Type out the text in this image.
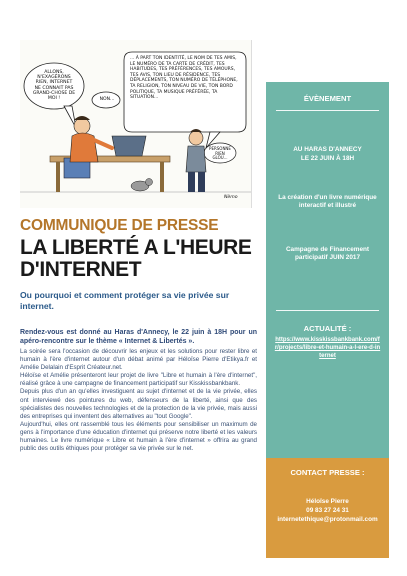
ALLONS, N'EXAGÉRONS RIEN, INTERNET NE CONNAIT PAS GRAND-CHOSE DE MOI !	NON...
... À PART TON IDENTITÉ, LE NOM DE TES AMIS, LE NUMÉRO DE TA CARTE DE CRÉDIT, TES HABITUDES, TES PRÉFÉRENCES, TES AMOURS, TES AVIS, TON LIEU DE RÉSIDENCE, TES DÉPLACEMENTS, TON NUMÉRO DE TÉLÉPHONE, TA RELIGION, TON NIVEAU DE VIE, TON BORD POLITIQUE, TA MUSIQUE PRÉFÉRÉE, TA SITUATION...
PERSONNE RIEN GLOU...
Nèmo
COMMUNIQUE DE PRESSE
LA LIBERTÉ A L'HEURE D'INTERNET
Ou pourquoi et comment protéger sa vie privée sur internet.
Rendez-vous est donné au Haras d'Annecy, le 22 juin à 18H pour un apéro-rencontre sur le thème « Internet & Libertés ».

La soirée sera l'occasion de découvrir les enjeux et les solutions pour rester libre et humain à l'ère d'internet autour d'un débat animé par Héloïse Pierre d'Etikya.fr et Amélie Delalain d'Esprit Créateur.net.

Héloïse et Amélie présenteront leur projet de livre "Libre et humain à l'ère d'internet", réalisé grâce à une campagne de financement participatif sur Kisskissbankbank.

Depuis plus d'un an qu'elles investiguent au sujet d'internet et de la vie privée, elles ont interviewé des pointures du web, défenseurs de la liberté, ainsi que des spécialistes des nouvelles technologies et de la protection de la vie privée, mais aussi des entreprises qui inventent des alternatives au "tout Google".

Aujourd'hui, elles ont rassemblé tous les éléments pour sensibiliser un maximum de gens à l'importance d'une éducation d'internet qui préserve notre liberté et les valeurs humaines. Le livre numérique « Libre et humain à l'ère d'internet » offrira au grand public des outils éthiques pour protéger sa vie privée sur le net.

ÉVÈNEMENT
AU HARAS D'ANNECY
LE 22 JUIN À 18H
La création d'un livre numérique interactif et illustré
Campagne de Financement participatif JUIN 2017
ACTUALITÉ :
https://www.kisskissbankbank.com/fr/projects/libre-et-humain-a-l-ere-d-internet
CONTACT PRESSE :
Héloïse Pierre
09 83 27 24 31
internetethique@protonmail.com
